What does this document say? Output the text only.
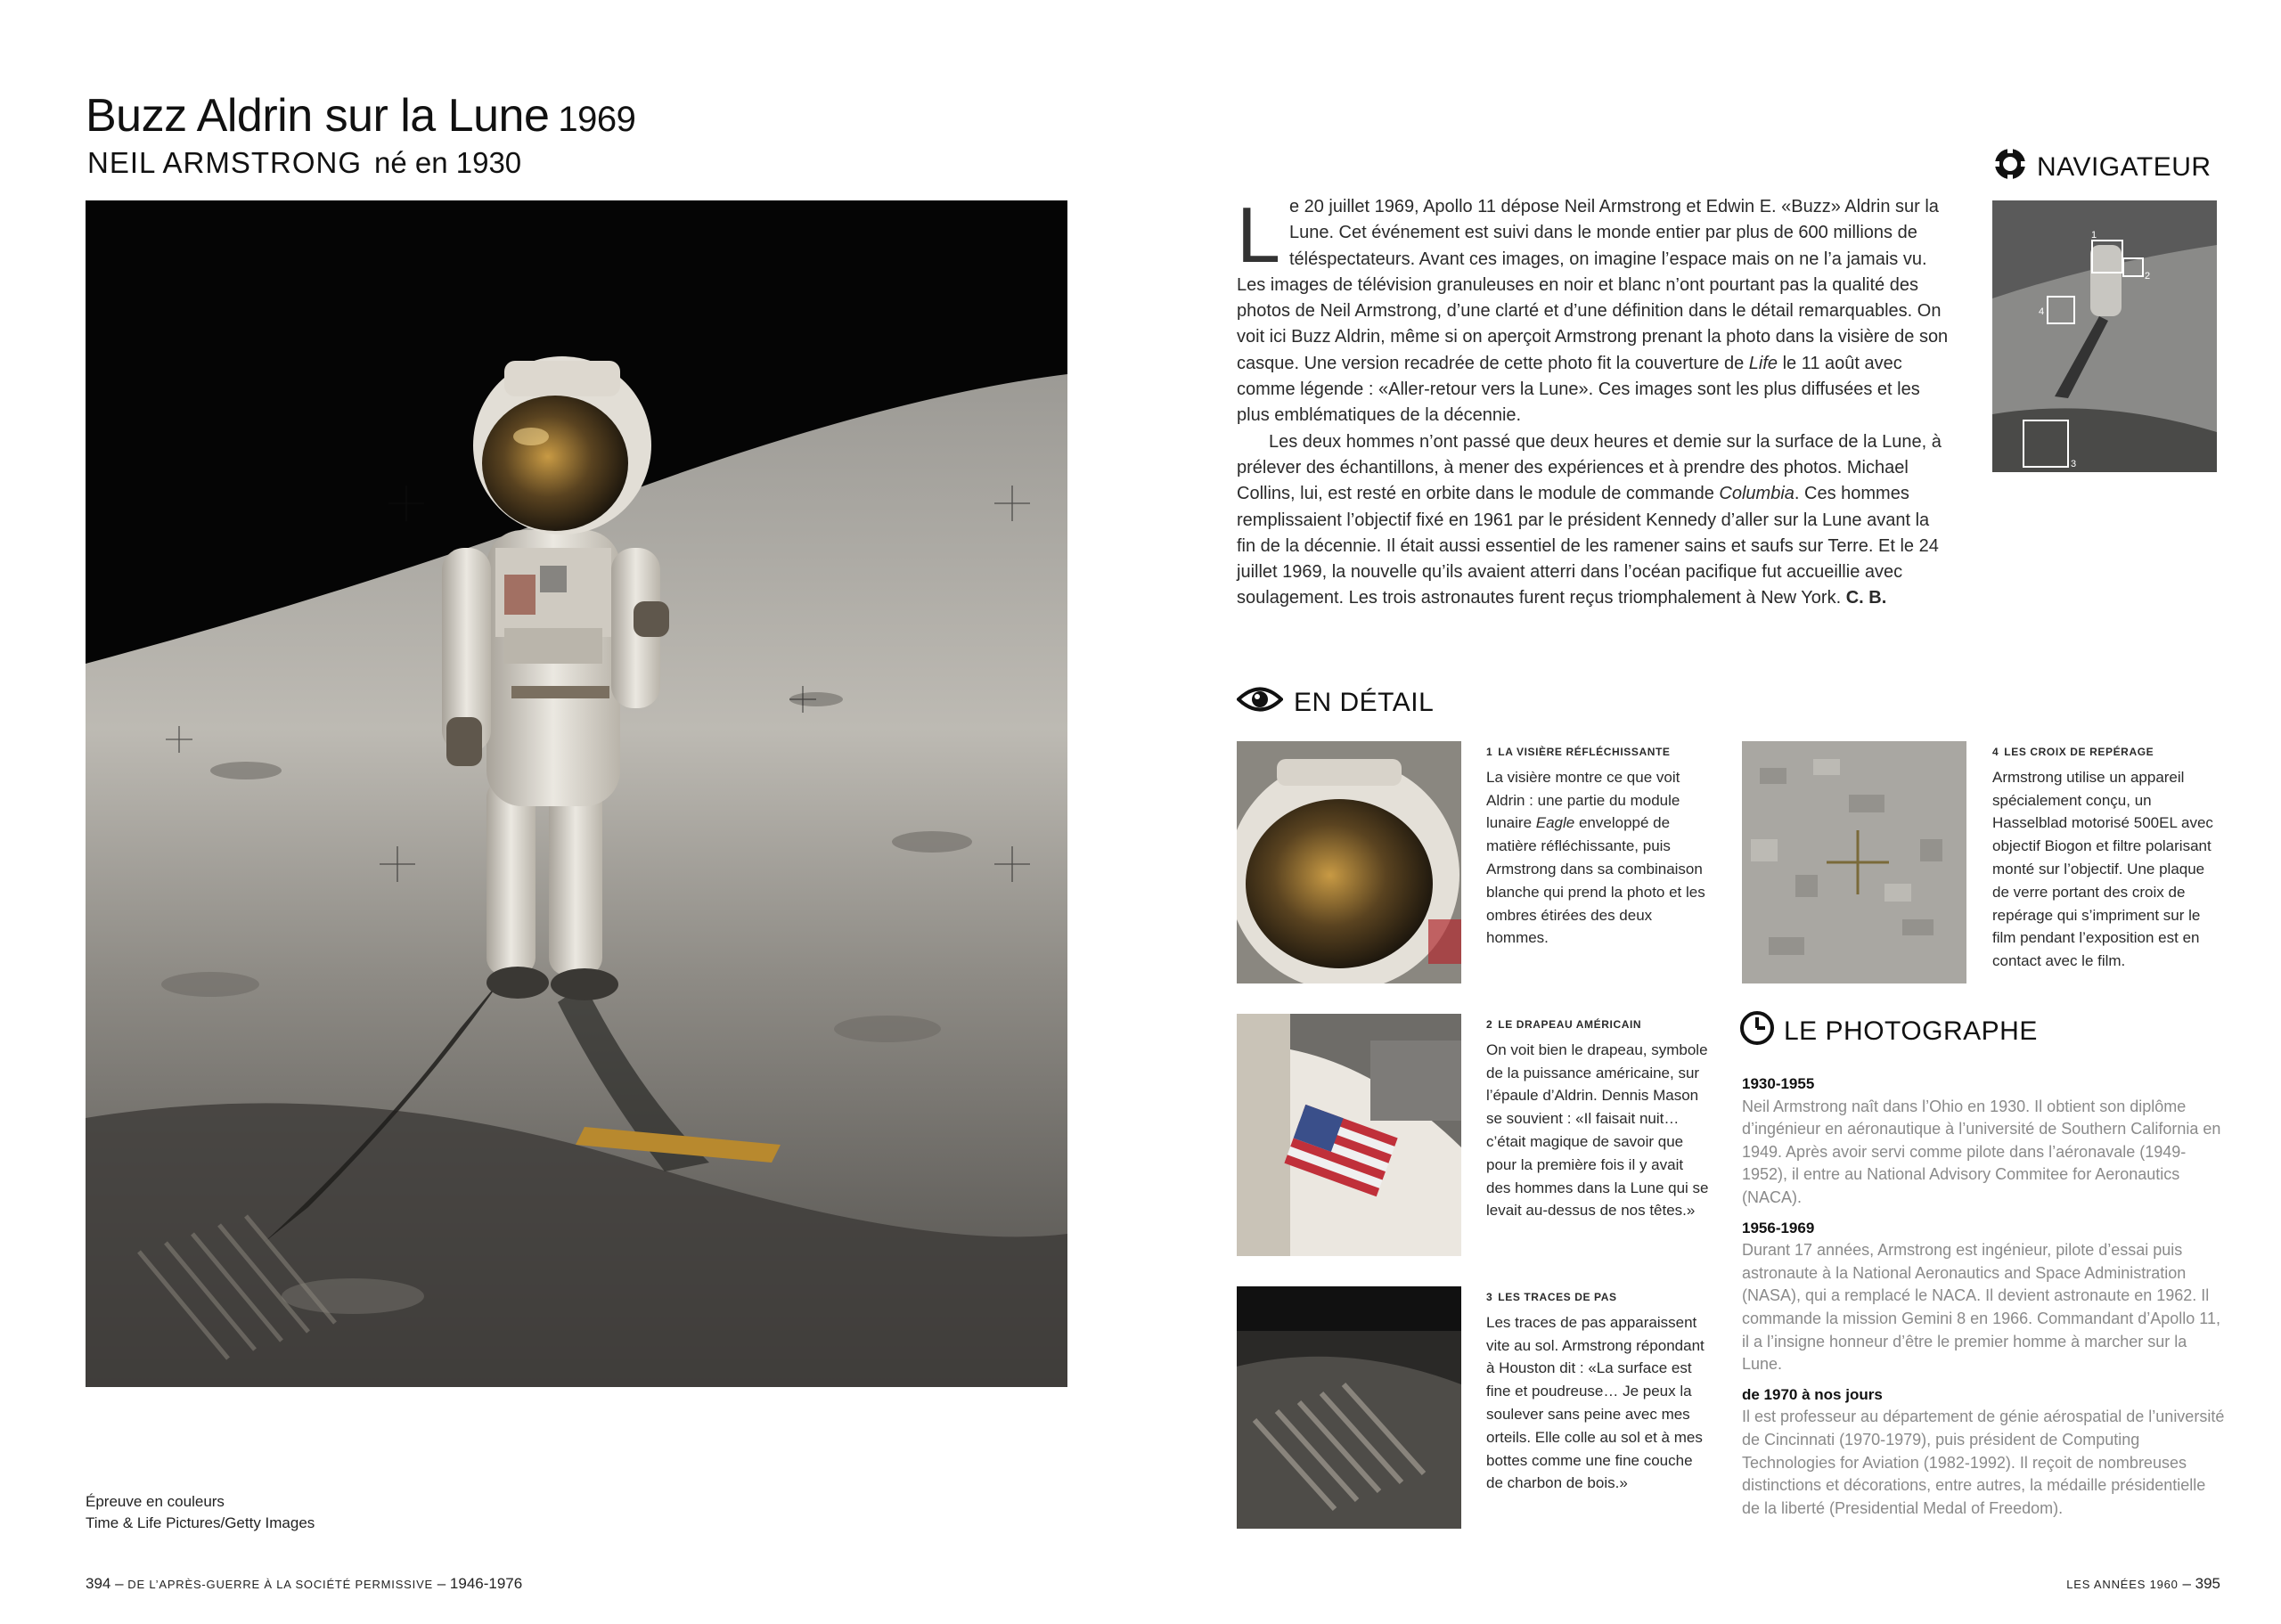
Buzz Aldrin sur la Lune 1969
NEIL ARMSTRONG né en 1930
Épreuve en couleurs
Time & Life Pictures/Getty Images
394 – DE L’APRÈS-GUERRE À LA SOCIÉTÉ PERMISSIVE – 1946-1976

Le 20 juillet 1969, Apollo 11 dépose Neil Armstrong et Edwin E. «Buzz» Aldrin sur la Lune. Cet événement est suivi dans le monde entier par plus de 600 millions de téléspectateurs. Avant ces images, on imagine l’espace mais on ne l’a jamais vu. Les images de télévision granuleuses en noir et blanc n’ont pourtant pas la qualité des photos de Neil Armstrong, d’une clarté et d’une définition dans le détail remarquables. On voit ici Buzz Aldrin, même si on aperçoit Armstrong prenant la photo dans la visière de son casque. Une version recadrée de cette photo fit la couverture de Life le 11 août avec comme légende : «Aller-retour vers la Lune». Ces images sont les plus diffusées et les plus emblématiques de la décennie.

Les deux hommes n’ont passé que deux heures et demie sur la surface de la Lune, à prélever des échantillons, à mener des expériences et à prendre des photos. Michael Collins, lui, est resté en orbite dans le module de commande Columbia. Ces hommes remplissaient l’objectif fixé en 1961 par le président Kennedy d’aller sur la Lune avant la fin de la décennie. Il était aussi essentiel de les ramener sains et saufs sur Terre. Et le 24 juillet 1969, la nouvelle qu’ils avaient atterri dans l’océan pacifique fut accueillie avec soulagement. Les trois astronautes furent reçus triomphalement à New York. C. B.

NAVIGATEUR
1
2
3
4
EN DÉTAIL
1 LA VISIÈRE RÉFLÉCHISSANTE
La visière montre ce que voit Aldrin : une partie du module lunaire Eagle enveloppé de matière réfléchissante, puis Armstrong dans sa combinaison blanche qui prend la photo et les ombres étirées des deux hommes.
4 LES CROIX DE REPÉRAGE
Armstrong utilise un appareil spécialement conçu, un Hasselblad motorisé 500EL avec objectif Biogon et filtre polarisant monté sur l’objectif. Une plaque de verre portant des croix de repérage qui s’impriment sur le film pendant l’exposition est en contact avec le film.
2 LE DRAPEAU AMÉRICAIN
On voit bien le drapeau, symbole de la puissance américaine, sur l’épaule d’Aldrin. Dennis Mason se souvient : «Il faisait nuit… c’était magique de savoir que pour la première fois il y avait des hommes dans la Lune qui se levait au-dessus de nos têtes.»
3 LES TRACES DE PAS
Les traces de pas apparaissent vite au sol. Armstrong répondant à Houston dit : «La surface est fine et poudreuse… Je peux la soulever sans peine avec mes orteils. Elle colle au sol et à mes bottes comme une fine couche de charbon de bois.»
LE PHOTOGRAPHE
1930-1955
Neil Armstrong naît dans l’Ohio en 1930. Il obtient son diplôme d’ingénieur en aéronautique à l’université de Southern California en 1949. Après avoir servi comme pilote dans l’aéronavale (1949-1952), il entre au National Advisory Commitee for Aeronautics (NACA).
1956-1969
Durant 17 années, Armstrong est ingénieur, pilote d’essai puis astronaute à la National Aeronautics and Space Administration (NASA), qui a remplacé le NACA. Il devient astronaute en 1962. Il commande la mission Gemini 8 en 1966. Commandant d’Apollo 11, il a l’insigne honneur d’être le premier homme à marcher sur la Lune.
de 1970 à nos jours
Il est professeur au département de génie aérospatial de l’université de Cincinnati (1970-1979), puis président de Computing Technologies for Aviation (1982-1992). Il reçoit de nombreuses distinctions et décorations, entre autres, la médaille présidentielle de la liberté (Presidential Medal of Freedom).
LES ANNÉES 1960 – 395
